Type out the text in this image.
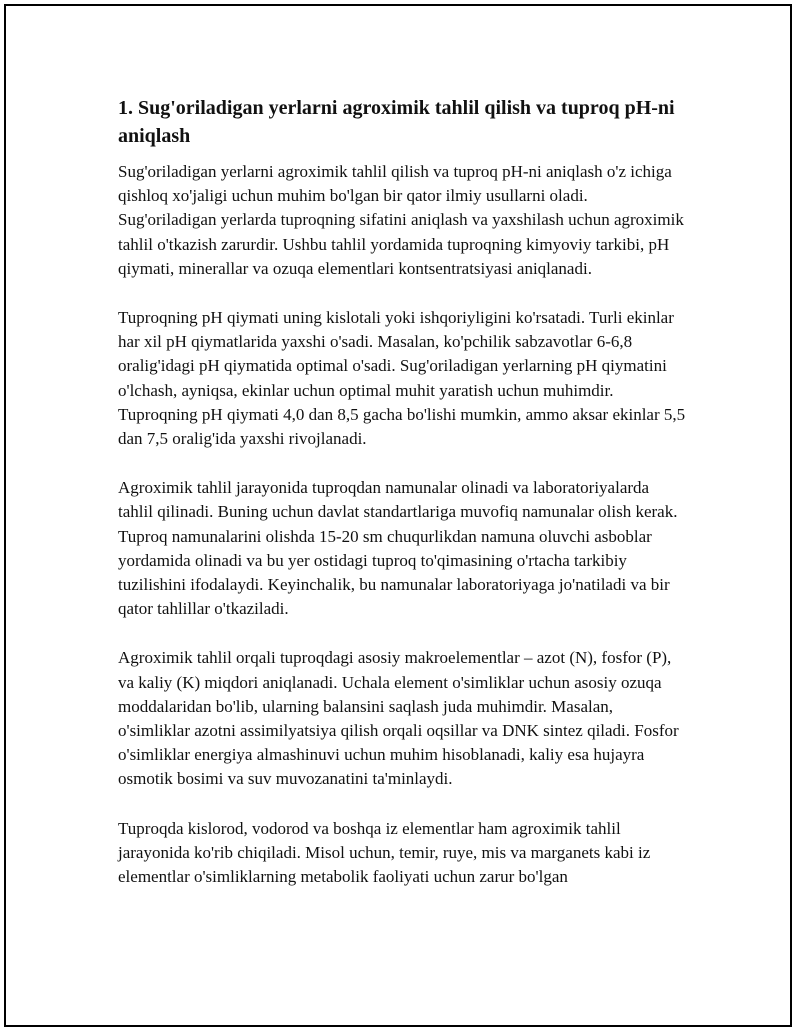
1. Sug'oriladigan yerlarni agroximik tahlil qilish va tuproq pH-ni aniqlash

Sug'oriladigan yerlarni agroximik tahlil qilish va tuproq pH-ni aniqlash o'z ichiga qishloq xo'jaligi uchun muhim bo'lgan bir qator ilmiy usullarni oladi. Sug'oriladigan yerlarda tuproqning sifatini aniqlash va yaxshilash uchun agroximik tahlil o'tkazish zarurdir. Ushbu tahlil yordamida tuproqning kimyoviy tarkibi, pH qiymati, minerallar va ozuqa elementlari kontsentratsiyasi aniqlanadi.

Tuproqning pH qiymati uning kislotali yoki ishqoriyligini ko'rsatadi. Turli ekinlar har xil pH qiymatlarida yaxshi o'sadi. Masalan, ko'pchilik sabzavotlar 6-6,8 oralig'idagi pH qiymatida optimal o'sadi. Sug'oriladigan yerlarning pH qiymatini o'lchash, ayniqsa, ekinlar uchun optimal muhit yaratish uchun muhimdir. Tuproqning pH qiymati 4,0 dan 8,5 gacha bo'lishi mumkin, ammo aksar ekinlar 5,5 dan 7,5 oralig'ida yaxshi rivojlanadi.

Agroximik tahlil jarayonida tuproqdan namunalar olinadi va laboratoriyalarda tahlil qilinadi. Buning uchun davlat standartlariga muvofiq namunalar olish kerak. Tuproq namunalarini olishda 15-20 sm chuqurlikdan namuna oluvchi asboblar yordamida olinadi va bu yer ostidagi tuproq to'qimasining o'rtacha tarkibiy tuzilishini ifodalaydi. Keyinchalik, bu namunalar laboratoriyaga jo'natiladi va bir qator tahlillar o'tkaziladi.

Agroximik tahlil orqali tuproqdagi asosiy makroelementlar – azot (N), fosfor (P), va kaliy (K) miqdori aniqlanadi. Uchala element o'simliklar uchun asosiy ozuqa moddalaridan bo'lib, ularning balansini saqlash juda muhimdir. Masalan, o'simliklar azotni assimilyatsiya qilish orqali oqsillar va DNK sintez qiladi. Fosfor o'simliklar energiya almashinuvi uchun muhim hisoblanadi, kaliy esa hujayra osmotik bosimi va suv muvozanatini ta'minlaydi.

Tuproqda kislorod, vodorod va boshqa iz elementlar ham agroximik tahlil jarayonida ko'rib chiqiladi. Misol uchun, temir, ruye, mis va marganets kabi iz elementlar o'simliklarning metabolik faoliyati uchun zarur bo'lgan
